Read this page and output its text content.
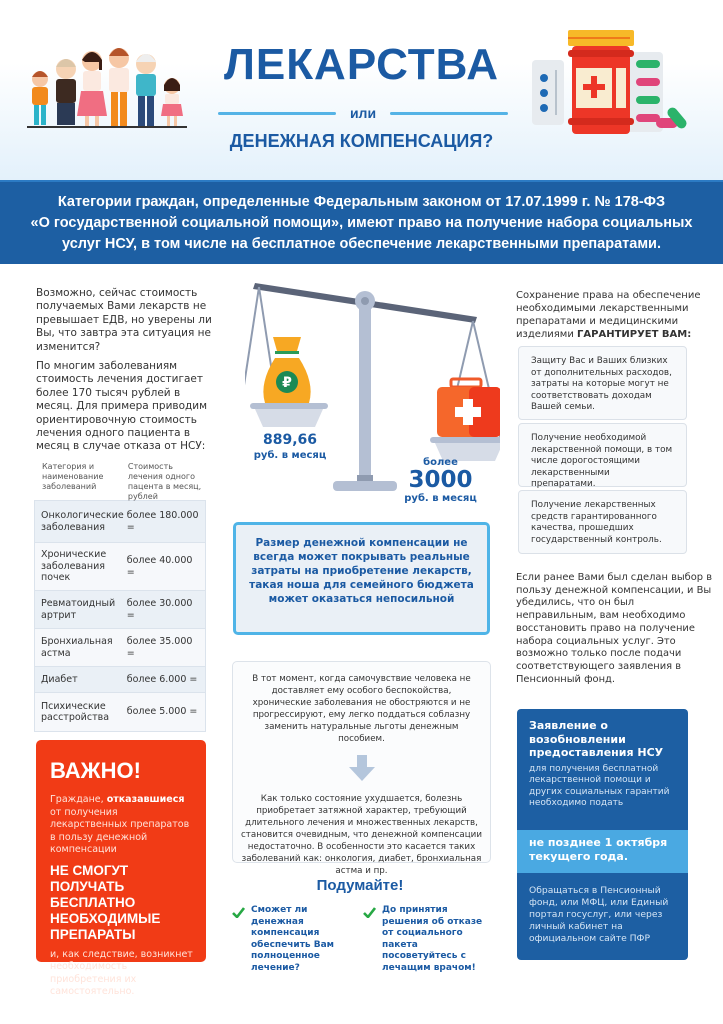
ЛЕКАРСТВА
или
ДЕНЕЖНАЯ КОМПЕНСАЦИЯ?
Категории граждан, определенные Федеральным законом от 17.07.1999 г. № 178-ФЗ
«О государственной социальной помощи», имеют право на получение набора социальных
услуг НСУ, в том числе на бесплатное обеспечение лекарственными препаратами.

Возможно, сейчас стоимость получаемых Вами лекарств не превышает ЕДВ, но уверены ли Вы, что завтра эта ситуация не изменится?

По многим заболеваниям стоимость лечения достигает более 170 тысяч рублей в месяц. Для примера приводим ориентировочную стоимость лечения одного пациента в месяц в случае отказа от НСУ:

Категория и наименование заболеваний
Стоимость лечения одного пацента в месяц, рублей
Онкологические заболевания
более 180.000 =
Хронические заболевания почек
более 40.000 =
Ревматоидный артрит
более 30.000 =
Бронхиальная астма
более 35.000 =
Диабет	более 6.000 =
Психические расстройства
более 5.000 =
ВАЖНО!
Граждане, отказавшиеся от получения лекарственных препаратов в пользу денежной компенсации
НЕ СМОГУТ ПОЛУЧАТЬ БЕСПЛАТНО НЕОБХОДИМЫЕ ПРЕПАРАТЫ
и, как следствие, возникнет необходимость приобретения их самостоятельно.
₽
889,66
руб. в месяц
более
3000
руб. в месяц
Размер денежной компенсации не всегда может покрывать реальные затраты на приобретение лекарств, такая ноша для семейного бюджета может оказаться непосильной
В тот момент, когда самочувствие человека не доставляет ему особого беспокойства, хронические заболевания не обостряются и не прогрессируют, ему легко поддаться соблазну заменить натуральные льготы денежным пособием.
Как только состояние ухудшается, болезнь приобретает затяжной характер, требующий длительного лечения и множественных лекарств, становится очевидным, что денежной компенсации недостаточно. В особенности это касается таких заболеваний как: онкология, диабет, бронхиальная астма и пр.
Подумайте!
Сможет ли денежная компенсация обеспечить Вам полноценное лечение?
До принятия решения об отказе от социального пакета посоветуйтесь с лечащим врачом!
Сохранение права на обеспечение необходимыми лекарственными препаратами и медицинскими изделиями ГАРАНТИРУЕТ ВАМ:
Защиту Вас и Ваших близких от дополнительных расходов, затраты на которые могут не соответствовать доходам Вашей семьи.
Получение необходимой лекарственной помощи, в том числе дорогостоящими лекарственными препаратами.
Получение лекарственных средств гарантированного качества, прошедших государственный контроль.
Если ранее Вами был сделан выбор в пользу денежной компенсации, и Вы убедились, что он был неправильным, вам необходимо восстановить право на получение набора социальных услуг. Это возможно только после подачи соответствующего заявления в Пенсионный фонд.
Заявление о возобновлении предоставления НСУ
для получения бесплатной лекарственной помощи и других социальных гарантий необходимо подать
не позднее 1 октября текущего года.
Обращаться в Пенсионный фонд, или МФЦ, или Единый портал госуслуг, или через личный кабинет на официальном сайте ПФР
